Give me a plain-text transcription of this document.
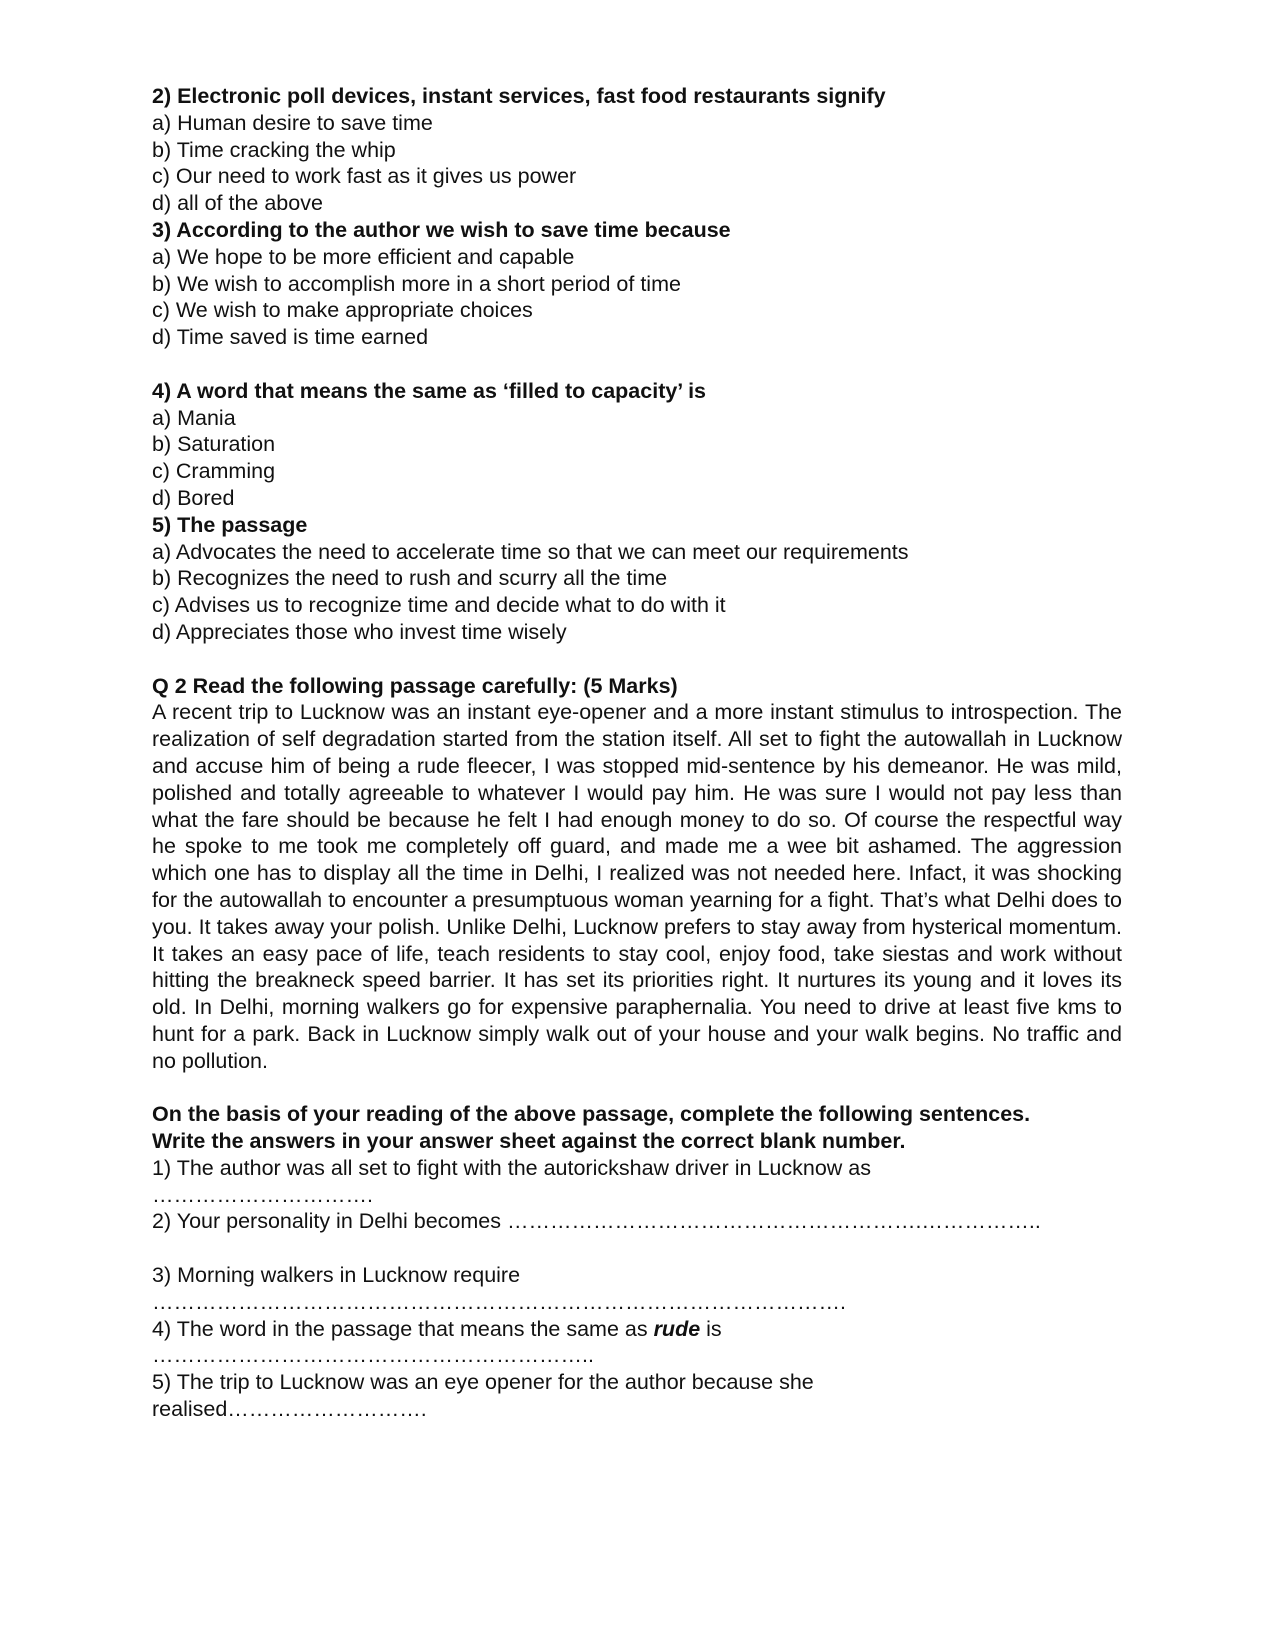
2) Electronic poll devices, instant services, fast food restaurants signify
a) Human desire to save time
b) Time cracking the whip
c) Our need to work fast as it gives us power
d) all of the above
3) According to the author we wish to save time because
a) We hope to be more efficient and capable
b) We wish to accomplish more in a short period of time
c) We wish to make appropriate choices
d) Time saved is time earned
4) A word that means the same as ‘filled to capacity’ is
a) Mania
b) Saturation
c) Cramming
d) Bored
5) The passage
a) Advocates the need to accelerate time so that we can meet our requirements
b) Recognizes the need to rush and scurry all the time
c) Advises us to recognize time and decide what to do with it
d) Appreciates those who invest time wisely
Q 2 Read the following passage carefully: (5 Marks)

A recent trip to Lucknow was an instant eye-opener and a more instant stimulus to introspection. The realization of self degradation started from the station itself. All set to fight the autowallah in Lucknow and accuse him of being a rude fleecer, I was stopped mid-sentence by his demeanor. He was mild, polished and totally agreeable to whatever I would pay him. He was sure I would not pay less than what the fare should be because he felt I had enough money to do so. Of course the respectful way he spoke to me took me completely off guard, and made me a wee bit ashamed. The aggression which one has to display all the time in Delhi, I realized was not needed here. Infact, it was shocking for the autowallah to encounter a presumptuous woman yearning for a fight. That’s what Delhi does to you. It takes away your polish. Unlike Delhi, Lucknow prefers to stay away from hysterical momentum. It takes an easy pace of life, teach residents to stay cool, enjoy food, take siestas and work without hitting the breakneck speed barrier. It has set its priorities right. It nurtures its young and it loves its old. In Delhi, morning walkers go for expensive paraphernalia. You need to drive at least five kms to hunt for a park. Back in Lucknow simply walk out of your house and your walk begins. No traffic and no pollution.

On the basis of your reading of the above passage, complete the following sentences.
Write the answers in your answer sheet against the correct blank number.
1) The author was all set to fight with the autorickshaw driver in Lucknow as
………………………….
2) Your personality in Delhi becomes ………………………………………………….……………..
3) Morning walkers in Lucknow require
…………………………………………………………………………………….
4) The word in the passage that means the same as rude is
……………………………………………………..
5) The trip to Lucknow was an eye opener for the author because she
realised……………………….
